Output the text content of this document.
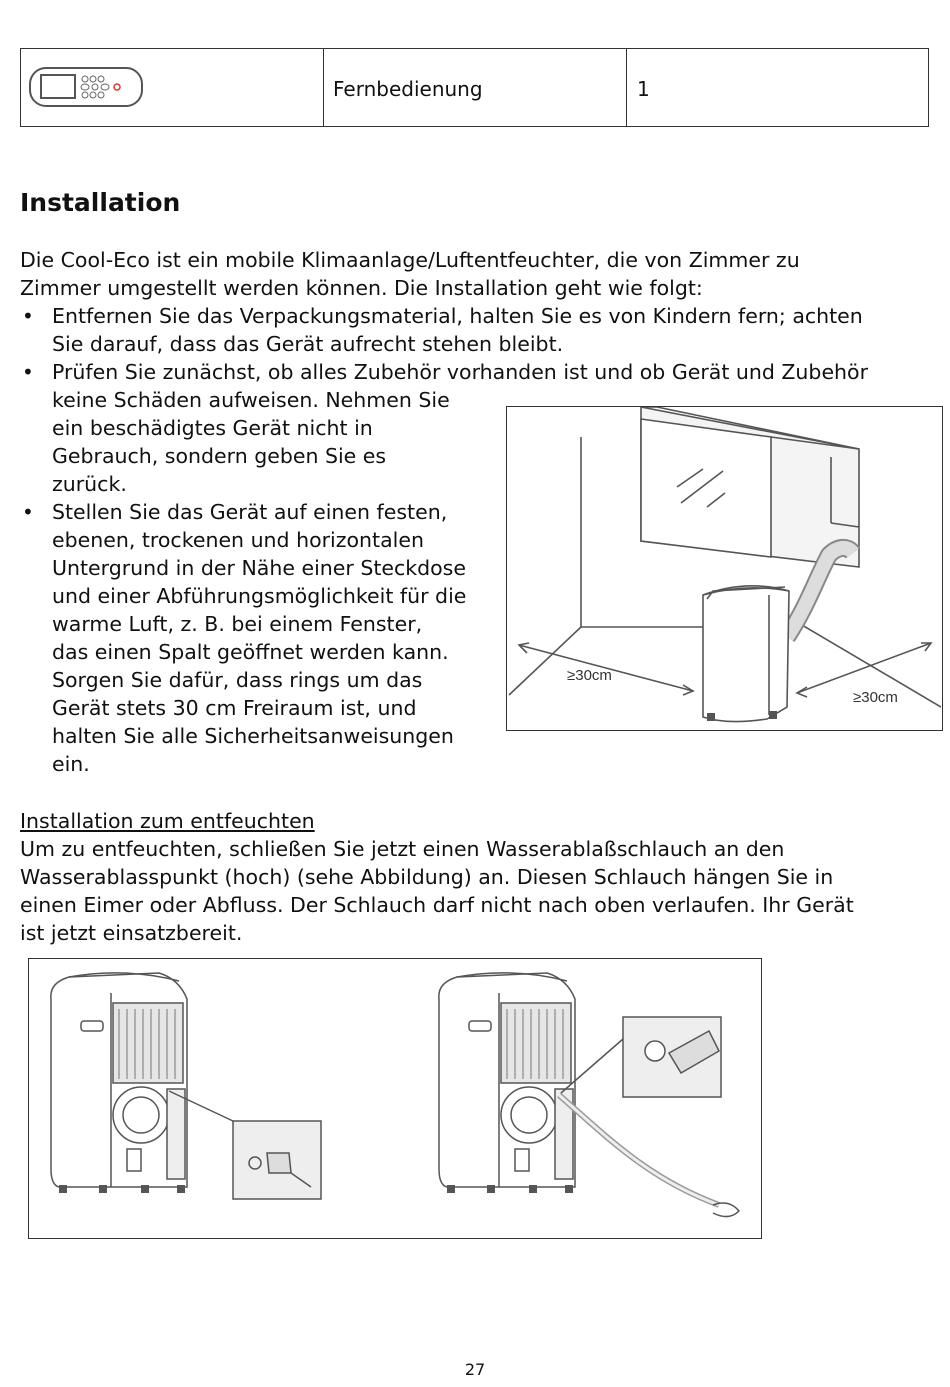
Fernbedienung	1
Installation

Die Cool-Eco ist ein mobile Klimaanlage/Luftentfeuchter, die von Zimmer zu

Zimmer umgestellt werden können. Die Installation geht wie folgt:

• Entfernen Sie das Verpackungsmaterial, halten Sie es von Kindern fern; achten

Sie darauf, dass das Gerät aufrecht stehen bleibt.

• Prüfen Sie zunächst, ob alles Zubehör vorhanden ist und ob Gerät und Zubehör

keine Schäden aufweisen. Nehmen Sie

ein beschädigtes Gerät nicht in

Gebrauch, sondern geben Sie es

zurück.

• Stellen Sie das Gerät auf einen festen,

ebenen, trockenen und horizontalen

Untergrund in der Nähe einer Steckdose

und einer Abführungsmöglichkeit für die

warme Luft, z. B. bei einem Fenster,

das einen Spalt geöffnet werden kann.

Sorgen Sie dafür, dass rings um das

Gerät stets 30 cm Freiraum ist, und

halten Sie alle Sicherheitsanweisungen

ein.

≥30cm
≥30cm

Installation zum entfeuchten

Um zu entfeuchten, schließen Sie jetzt einen Wasserablaßschlauch an den

Wasserablasspunkt (hoch) (sehe Abbildung) an. Diesen Schlauch hängen Sie in

einen Eimer oder Abfluss. Der Schlauch darf nicht nach oben verlaufen. Ihr Gerät

ist jetzt einsatzbereit.

27
